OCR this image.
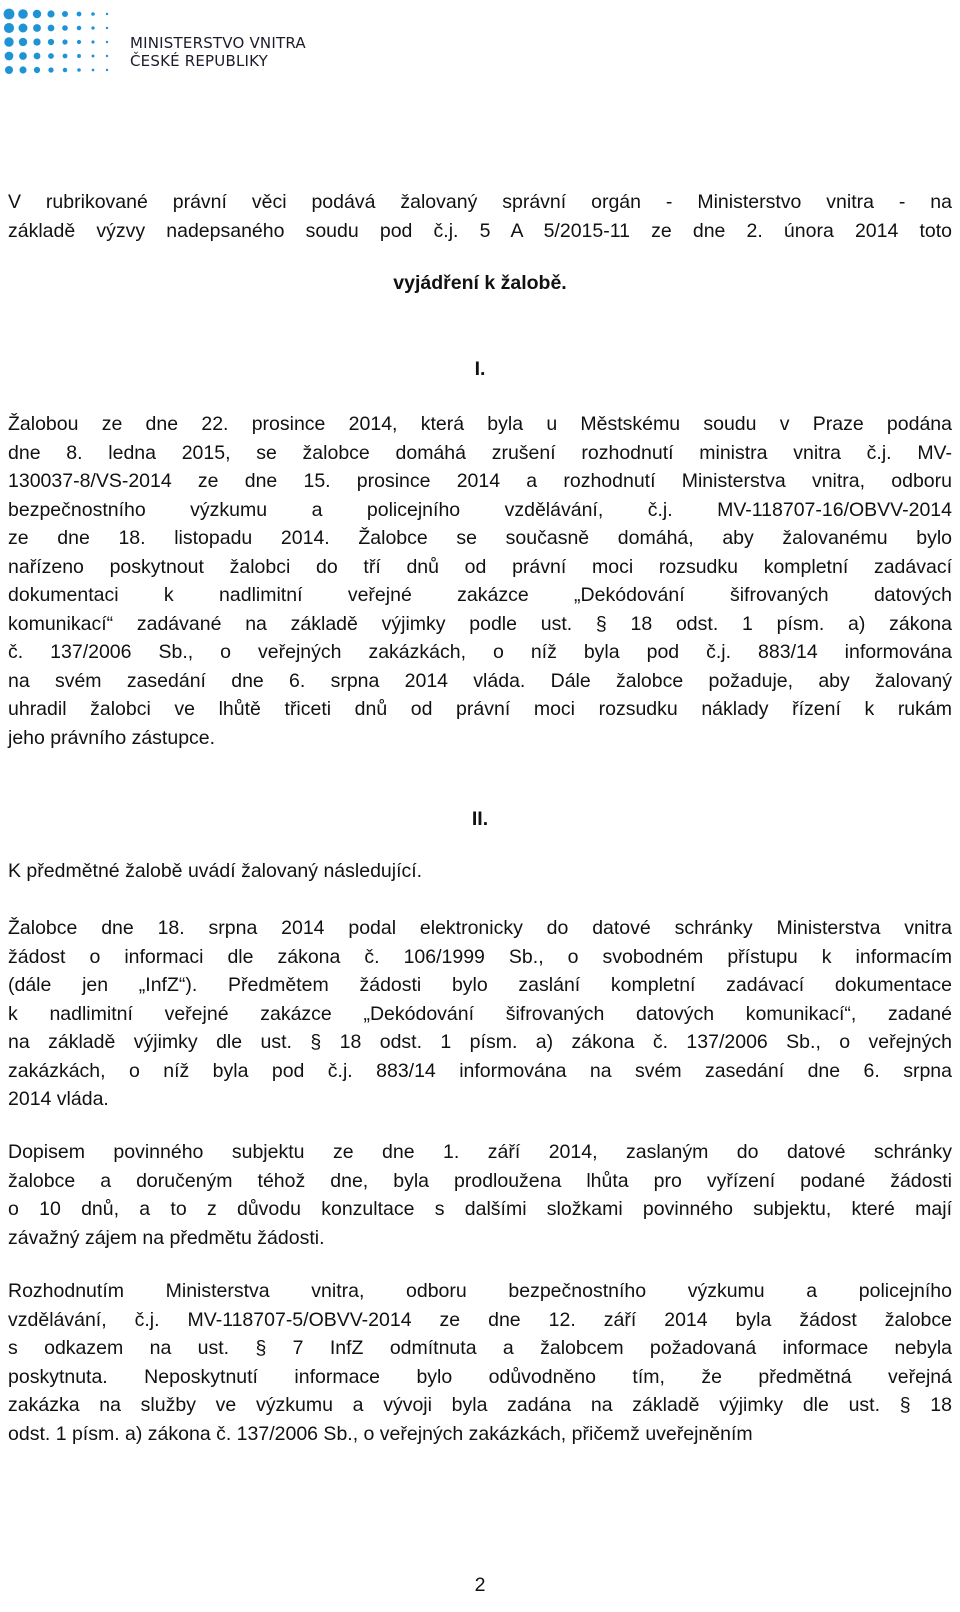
MINISTERSTVO VNITRA
ČESKÉ REPUBLIKY
V rubrikované právní věci podává žalovaný správní orgán - Ministerstvo vnitra - na
základě výzvy nadepsaného soudu pod č.j. 5 A 5/2015-11 ze dne 2. února 2014 toto
vyjádření k žalobě.
I.
Žalobou ze dne 22. prosince 2014, která byla u Městskému soudu v Praze podána
dne 8. ledna 2015, se žalobce domáhá zrušení rozhodnutí ministra vnitra č.j. MV-
130037-8/VS-2014 ze dne 15. prosince 2014 a rozhodnutí Ministerstva vnitra, odboru
bezpečnostního výzkumu a policejního vzdělávání, č.j. MV-118707-16/OBVV-2014
ze dne 18. listopadu 2014. Žalobce se současně domáhá, aby žalovanému bylo
nařízeno poskytnout žalobci do tří dnů od právní moci rozsudku kompletní zadávací
dokumentaci k nadlimitní veřejné zakázce „Dekódování šifrovaných datových
komunikací“ zadávané na základě výjimky podle ust. § 18 odst. 1 písm. a) zákona
č. 137/2006 Sb., o veřejných zakázkách, o níž byla pod č.j. 883/14 informována
na svém zasedání dne 6. srpna 2014 vláda. Dále žalobce požaduje, aby žalovaný
uhradil žalobci ve lhůtě třiceti dnů od právní moci rozsudku náklady řízení k rukám
jeho právního zástupce.
II.
K předmětné žalobě uvádí žalovaný následující.
Žalobce dne 18. srpna 2014 podal elektronicky do datové schránky Ministerstva vnitra
žádost o informaci dle zákona č. 106/1999 Sb., o svobodném přístupu k informacím
(dále jen „InfZ“). Předmětem žádosti bylo zaslání kompletní zadávací dokumentace
k nadlimitní veřejné zakázce „Dekódování šifrovaných datových komunikací“, zadané
na základě výjimky dle ust. § 18 odst. 1 písm. a) zákona č. 137/2006 Sb., o veřejných
zakázkách, o níž byla pod č.j. 883/14 informována na svém zasedání dne 6. srpna
2014 vláda.
Dopisem povinného subjektu ze dne 1. září 2014, zaslaným do datové schránky
žalobce a doručeným téhož dne, byla prodloužena lhůta pro vyřízení podané žádosti
o 10 dnů, a to z důvodu konzultace s dalšími složkami povinného subjektu, které mají
závažný zájem na předmětu žádosti.
Rozhodnutím Ministerstva vnitra, odboru bezpečnostního výzkumu a policejního
vzdělávání, č.j. MV-118707-5/OBVV-2014 ze dne 12. září 2014 byla žádost žalobce
s odkazem na ust. § 7 InfZ odmítnuta a žalobcem požadovaná informace nebyla
poskytnuta. Neposkytnutí informace bylo odůvodněno tím, že předmětná veřejná
zakázka na služby ve výzkumu a vývoji byla zadána na základě výjimky dle ust. § 18
odst. 1 písm. a) zákona č. 137/2006 Sb., o veřejných zakázkách, přičemž uveřejněním
2
